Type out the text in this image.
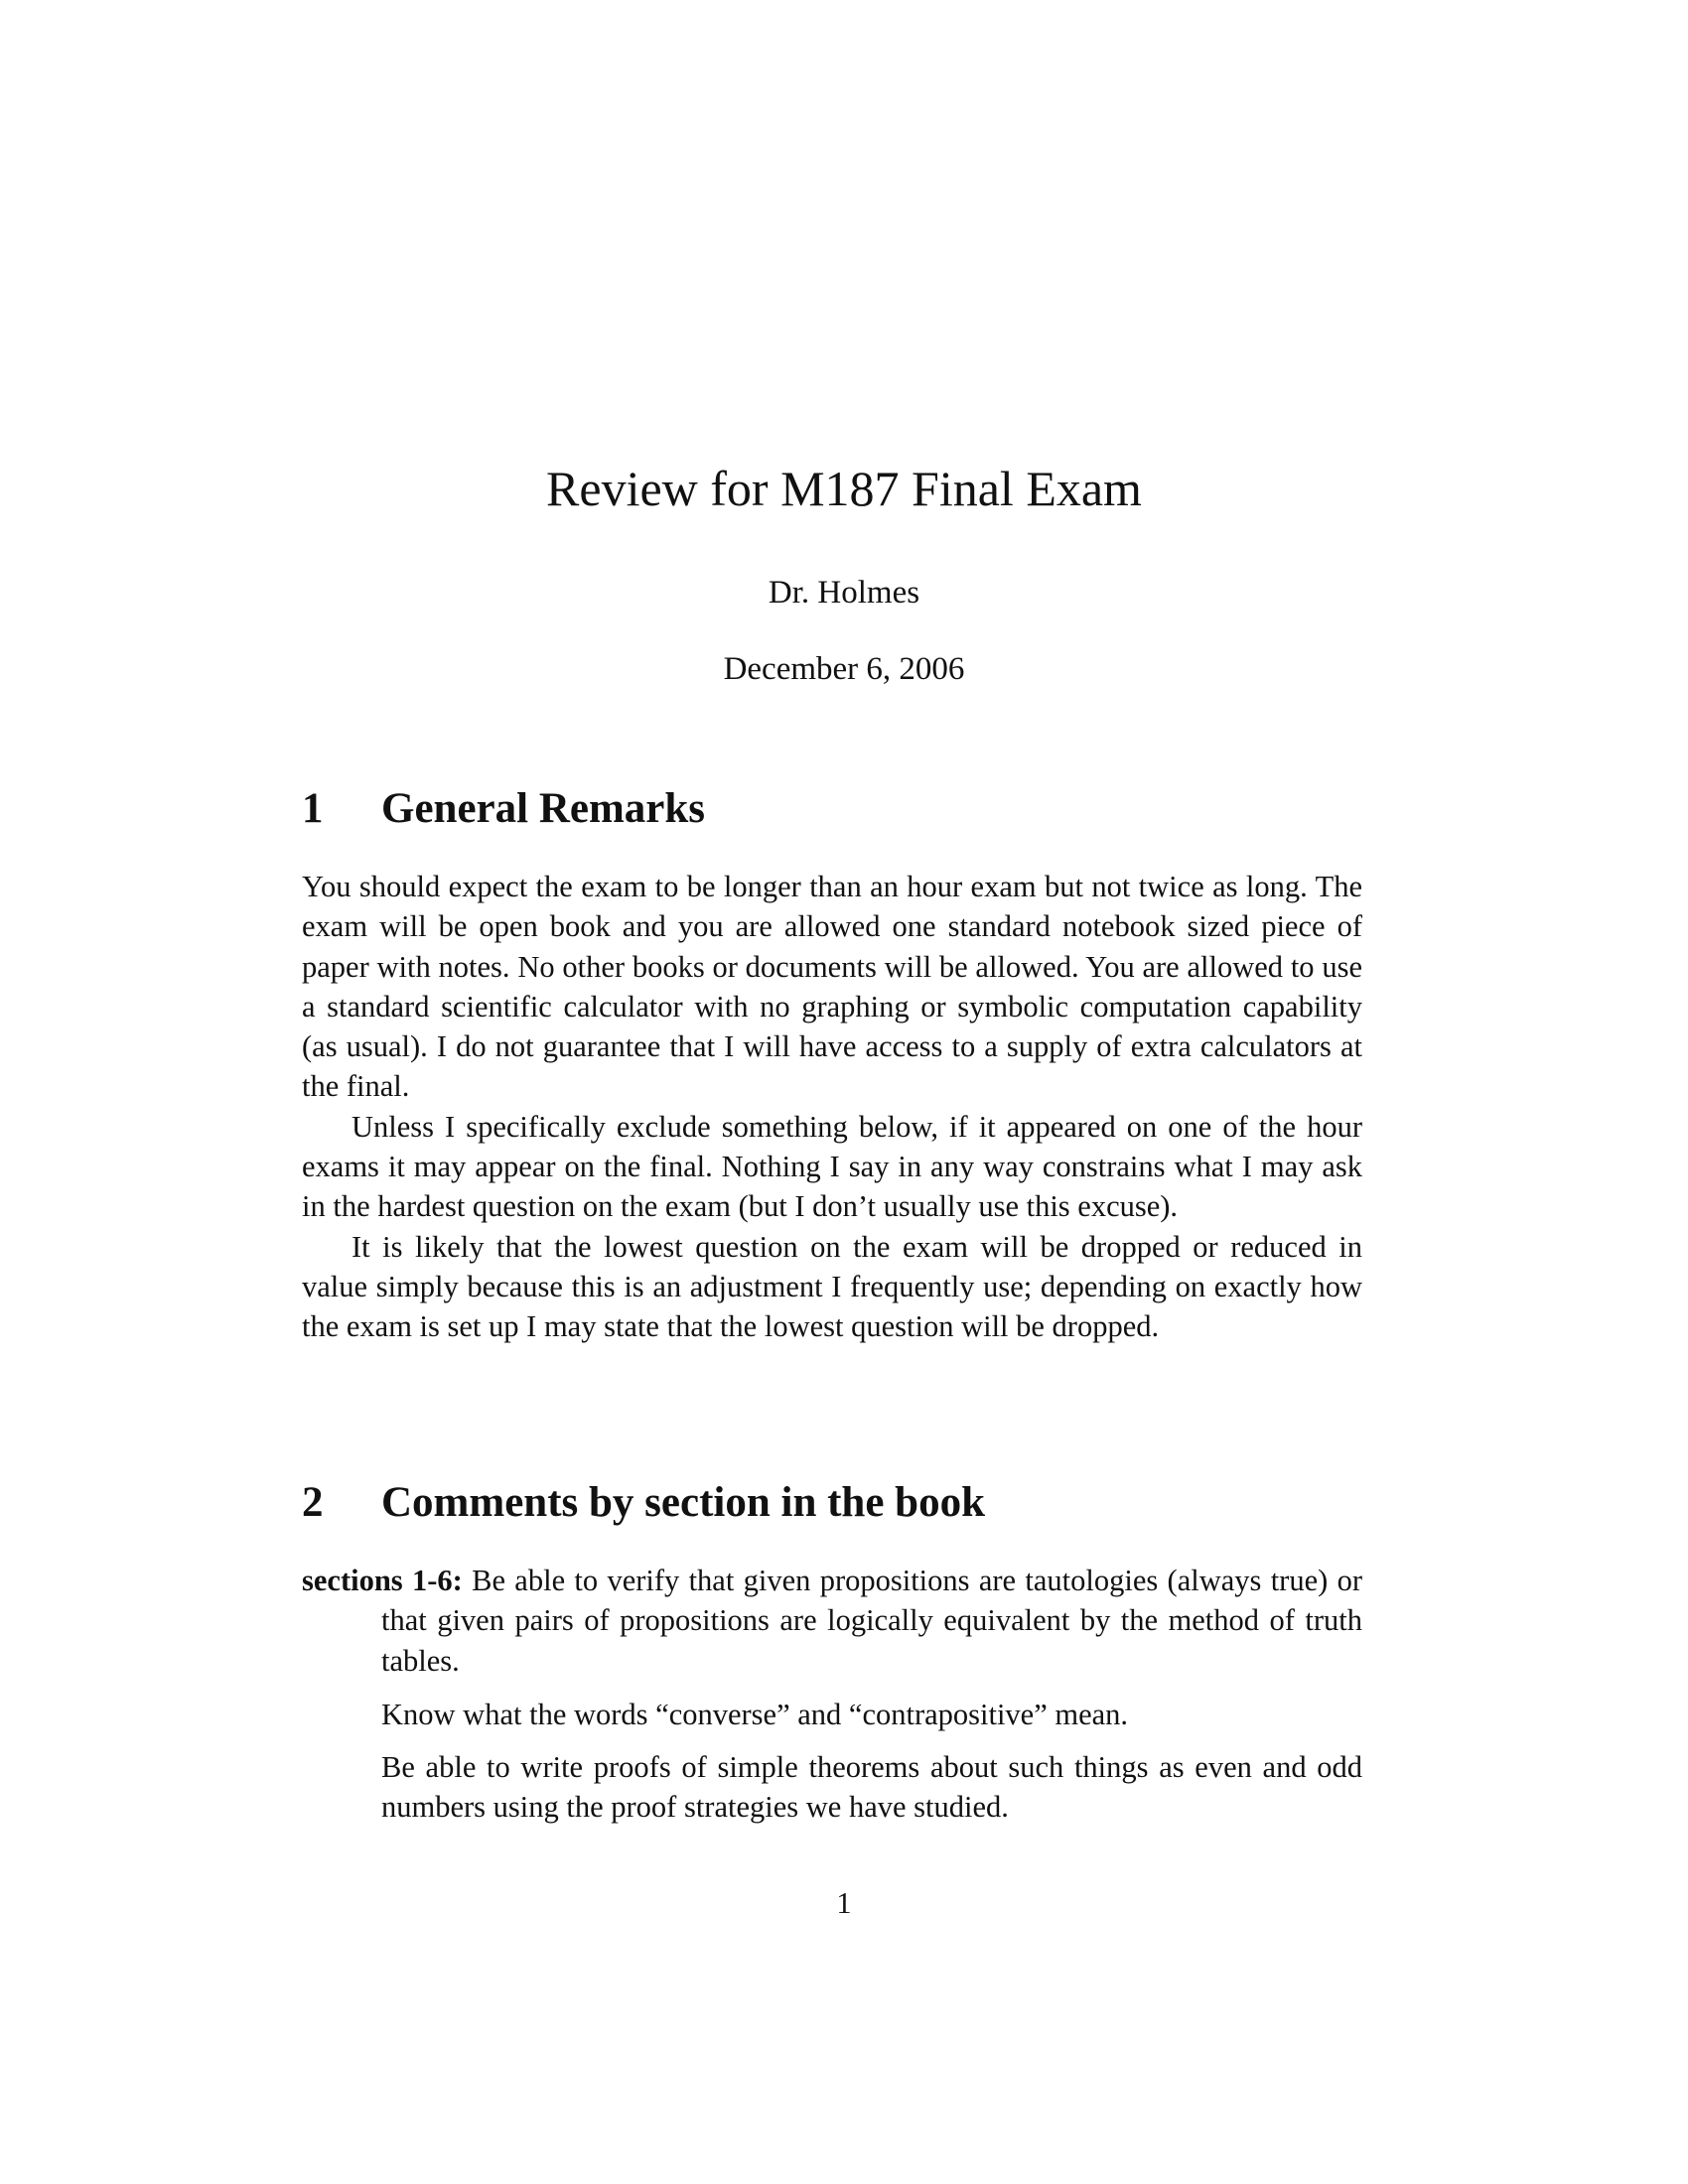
Review for M187 Final Exam
Dr. Holmes
December 6, 2006
1 General Remarks

You should expect the exam to be longer than an hour exam but not twice as long. The exam will be open book and you are allowed one standard notebook sized piece of paper with notes. No other books or documents will be allowed. You are allowed to use a standard scientific calculator with no graphing or symbolic computation capability (as usual). I do not guarantee that I will have access to a supply of extra calculators at the final.

Unless I specifically exclude something below, if it appeared on one of the hour exams it may appear on the final. Nothing I say in any way constrains what I may ask in the hardest question on the exam (but I don’t usually use this excuse).

It is likely that the lowest question on the exam will be dropped or reduced in value simply because this is an adjustment I frequently use; depending on exactly how the exam is set up I may state that the lowest question will be dropped.

2 Comments by section in the book
sections 1-6: Be able to verify that given propositions are tautologies (always true) or that given pairs of propositions are logically equivalent by the method of truth tables.
Know what the words “converse” and “contrapositive” mean.
Be able to write proofs of simple theorems about such things as even and odd numbers using the proof strategies we have studied.
1
